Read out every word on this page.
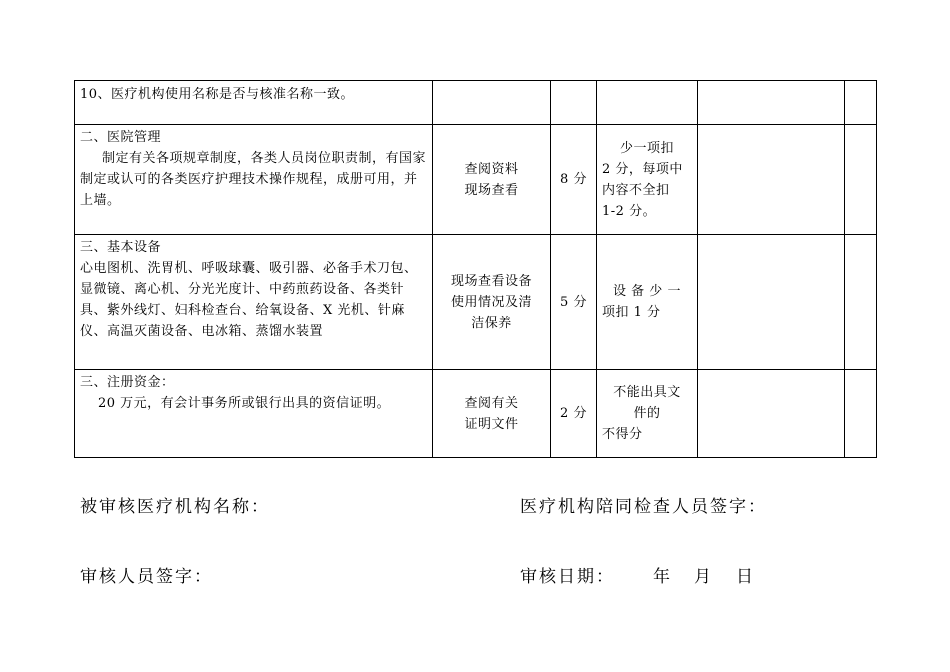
10、医疗机构使用名称是否与核准名称一致。					

二、医院管理
制定有关各项规章制度，各类人员岗位职责制，有国家制定或认可的各类医疗护理技术操作规程，成册可用，并上墙。	查阅资料
现场查看	8 分	少一项扣
2 分，每项中
内容不全扣
1-2 分。		

三、基本设备
心电图机、洗胃机、呼吸球囊、吸引器、必备手术刀包、显微镜、离心机、分光光度计、中药煎药设备、各类针具、紫外线灯、妇科检查台、给氧设备、X 光机、针麻仪、高温灭菌设备、电冰箱、蒸馏水装置	现场查看设备
使用情况及清
洁保养	5 分	设 备 少 一
项扣 1 分		

三、注册资金：
20 万元，有会计事务所或银行出具的资信证明。	查阅有关
证明文件	2 分	不能出具文
件的
不得分		

被审核医疗机构名称：	医疗机构陪同检查人员签字：
审核人员签字：	审核日期： 年 月 日
